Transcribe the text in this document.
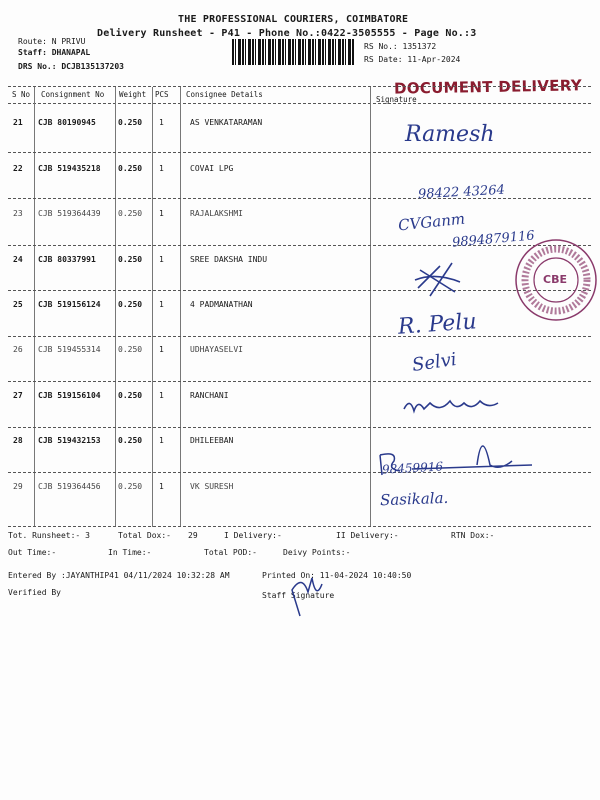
THE PROFESSIONAL COURIERS, COIMBATORE
Delivery Runsheet - P41 - Phone No.:0422-3505555 - Page No.:3
Route: N PRIVU
Staff: DHANAPAL
DRS No.: DCJB135137203
RS No.: 1351372
RS Date: 11-Apr-2024
DOCUMENT DELIVERY
S No Consignment No Weight PCS Consignee Details
Signature
21 CJB 80190945	0.250 1	AS VENKATARAMAN
22 CJB 519435218 0.250 1	COVAI LPG
23 CJB 519364439 0.250 1	RAJALAKSHMI
24 CJB 80337991	0.250 1	SREE DAKSHA INDU
25 CJB 519156124 0.250 1	4 PADMANATHAN
26 CJB 519455314 0.250 1	UDHAYASELVI
27 CJB 519156104 0.250 1	RANCHANI
28 CJB 519432153 0.250 1	DHILEEBAN
29 CJB 519364456 0.250 1	VK SURESH
Ramesh
98422 43264
CVGanm
9894879116
R. Pelu
Selvi
98459916
Sasikala.
CBE
Tot. Runsheet:- 3	Total Dox:- 29	I Delivery:-	II Delivery:-	RTN Dox:-
Out Time:-	In Time:-	Total POD:-	Deivy Points:-
Entered By :JAYANTHIP41 04/11/2024 10:32:28 AM	Printed On: 11-04-2024 10:40:50
Verified By	Staff Signature
